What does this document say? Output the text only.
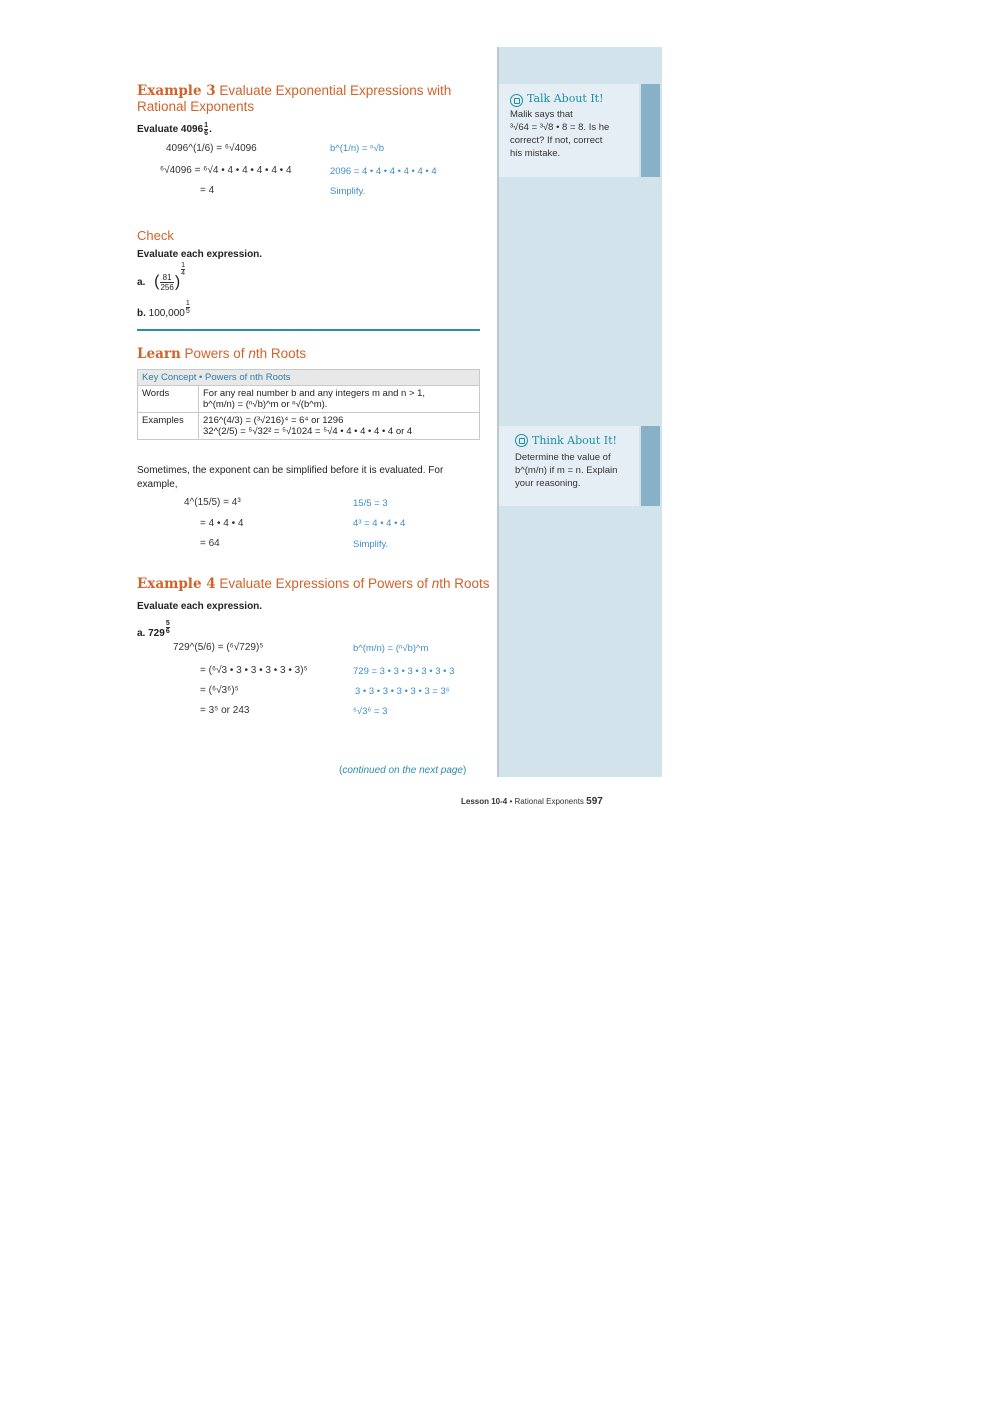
Talk About It!
Malik says that
³√64 = ³√8 • 8 = 8. Is he
correct? If not, correct
his mistake.
Think About It!
Determine the value of
b^(m/n) if m = n. Explain
your reasoning.
Example 3 Evaluate Exponential Expressions with
Rational Exponents
Evaluate $4096 \frac{1}{6}$ .
4096^(1/6) = ⁶√4096	b^(1/n) = ⁿ√b
⁶√4096 = ⁶√4 • 4 • 4 • 4 • 4 • 4	2096 = 4 • 4 • 4 • 4 • 4 • 4
= 4	Simplify.
Check
Evaluate each expression.
a. ( $\frac{81}{256}$ )
$\frac{1}{4}$
b. $100,000 \frac{1}{5}$
Learn Powers of nth Roots
Key Concept • Powers of nth Roots	
Words	For any real number b and any integers m and n > 1,
b^(m/n) = (ⁿ√b)^m or ⁿ√(b^m).

Examples	216^(4/3) = (³√216)⁴ = 6⁴ or 1296
32^(2/5) = ⁵√32² = ⁵√1024 = ⁵√4 • 4 • 4 • 4 • 4 or 4
Sometimes, the exponent can be simplified before it is evaluated. For example,
4^(15/5) = 4³	15/5 = 3
= 4 • 4 • 4	4³ = 4 • 4 • 4
= 64	Simplify.
Example 4 Evaluate Expressions of Powers of nth Roots
Evaluate each expression.
a. $729 \frac{5}{6}$
729^(5/6) = (⁶√729)⁵	b^(m/n) = (ⁿ√b)^m
= (⁶√3 • 3 • 3 • 3 • 3 • 3)⁵	729 = 3 • 3 • 3 • 3 • 3 • 3
= (⁶√3⁶)⁵	3 • 3 • 3 • 3 • 3 • 3 = 3⁶
= 3⁵ or 243	⁶√3⁶ = 3
(continued on the next page)
Lesson 10-4 • Rational Exponents 597
